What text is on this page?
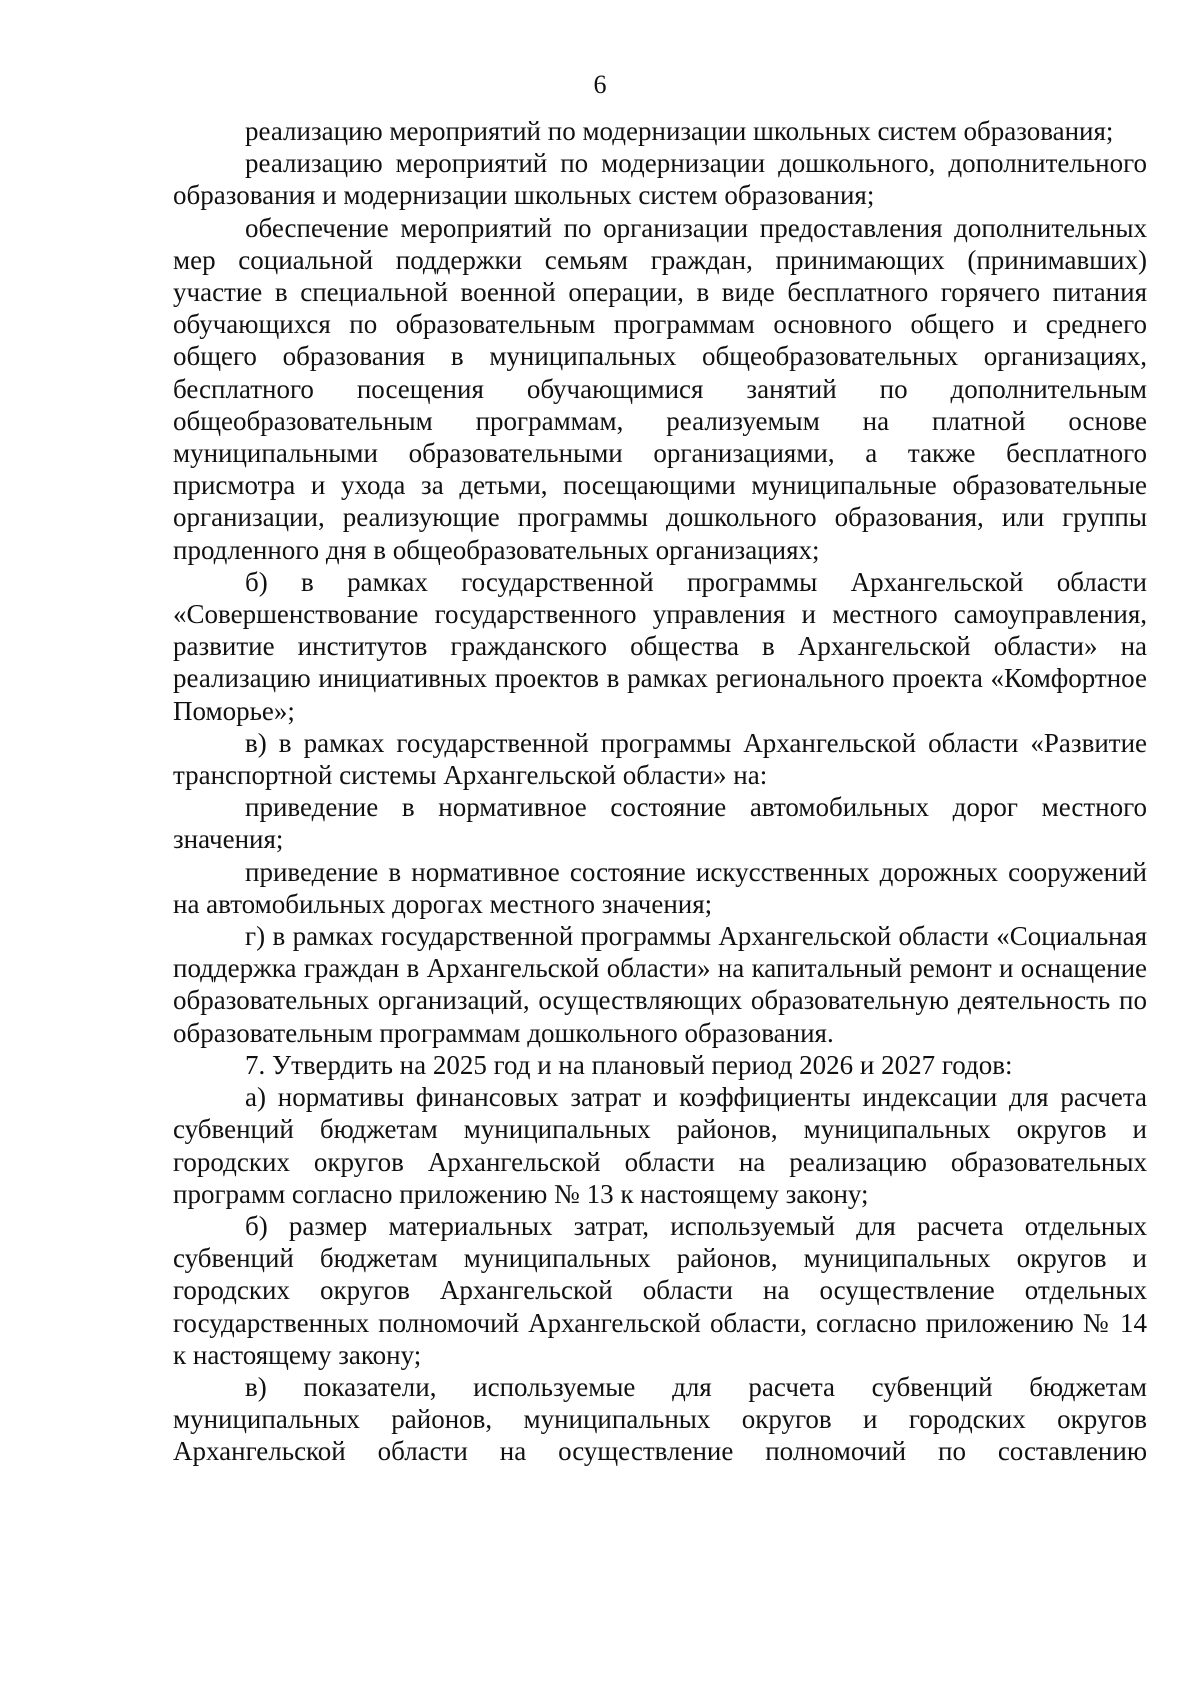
6

реализацию мероприятий по модернизации школьных систем образования;

реализацию мероприятий по модернизации дошкольного, дополнительного образования и модернизации школьных систем образования;

обеспечение мероприятий по организации предоставления дополнительных мер социальной поддержки семьям граждан, принимающих (принимавших) участие в специальной военной операции, в виде бесплатного горячего питания обучающихся по образовательным программам основного общего и среднего общего образования в муниципальных общеобразовательных организациях, бесплатного посещения обучающимися занятий по дополнительным общеобразовательным программам, реализуемым на платной основе муниципальными образовательными организациями, а также бесплатного присмотра и ухода за детьми, посещающими муниципальные образовательные организации, реализующие программы дошкольного образования, или группы продленного дня в общеобразовательных организациях;

б) в рамках государственной программы Архангельской области «Совершенствование государственного управления и местного самоуправления, развитие институтов гражданского общества в Архангельской области» на реализацию инициативных проектов в рамках регионального проекта «Комфортное Поморье»;

в) в рамках государственной программы Архангельской области «Развитие транспортной системы Архангельской области» на:

приведение в нормативное состояние автомобильных дорог местного значения;

приведение в нормативное состояние искусственных дорожных сооружений на автомобильных дорогах местного значения;

г) в рамках государственной программы Архангельской области «Социальная поддержка граждан в Архангельской области» на капитальный ремонт и оснащение образовательных организаций, осуществляющих образовательную деятельность по образовательным программам дошкольного образования.

7. Утвердить на 2025 год и на плановый период 2026 и 2027 годов:

а) нормативы финансовых затрат и коэффициенты индексации для расчета субвенций бюджетам муниципальных районов, муниципальных округов и городских округов Архангельской области на реализацию образовательных программ согласно приложению № 13 к настоящему закону;

б) размер материальных затрат, используемый для расчета отдельных субвенций бюджетам муниципальных районов, муниципальных округов и городских округов Архангельской области на осуществление отдельных государственных полномочий Архангельской области, согласно приложению № 14 к настоящему закону;

в) показатели, используемые для расчета субвенций бюджетам муниципальных районов, муниципальных округов и городских округов Архангельской области на осуществление полномочий по составлению
